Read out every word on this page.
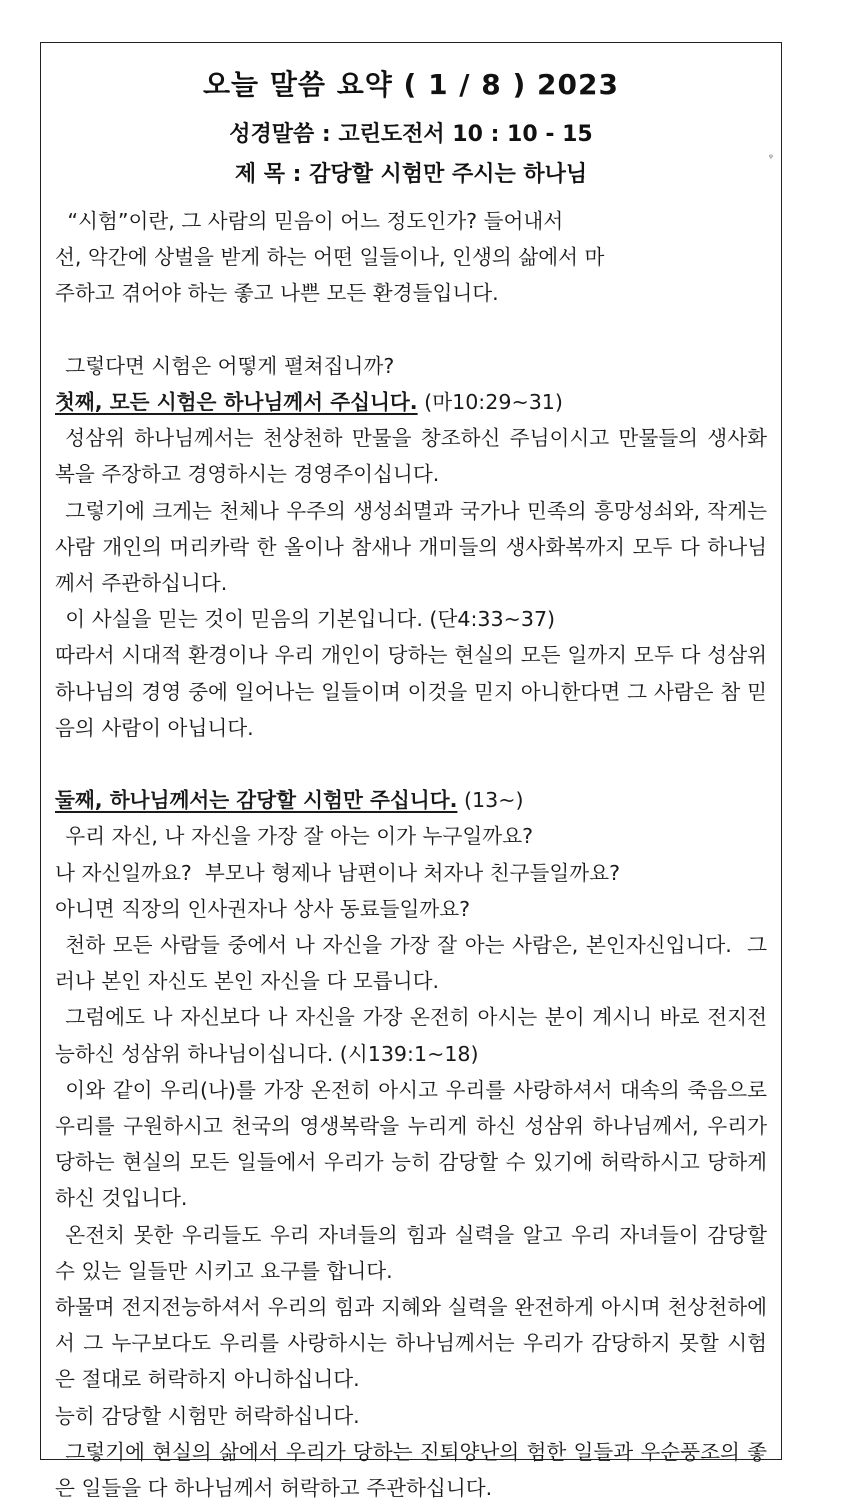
오늘 말씀 요약 ( 1 / 8 ) 2023
성경말씀 : 고린도전서 10 : 10 - 15
제 목 : 감당할 시험만 주시는 하나님
ᵠ
“시험”이란, 그 사람의 믿음이 어느 정도인가? 들어내서
선, 악간에 상벌을 받게 하는 어떤 일들이나, 인생의 삶에서 마
주하고 겪어야 하는 좋고 나쁜 모든 환경들입니다.

그렇다면 시험은 어떻게 펼쳐집니까?

첫째, 모든 시험은 하나님께서 주십니다. (마10:29~31)

성삼위 하나님께서는 천상천하 만물을 창조하신 주님이시고 만물들의 생사화복을 주장하고 경영하시는 경영주이십니다.

그렇기에 크게는 천체나 우주의 생성쇠멸과 국가나 민족의 흥망성쇠와, 작게는 사람 개인의 머리카락 한 올이나 참새나 개미들의 생사화복까지 모두 다 하나님께서 주관하십니다.

이 사실을 믿는 것이 믿음의 기본입니다. (단4:33~37)

따라서 시대적 환경이나 우리 개인이 당하는 현실의 모든 일까지 모두 다 성삼위 하나님의 경영 중에 일어나는 일들이며 이것을 믿지 아니한다면 그 사람은 참 믿음의 사람이 아닙니다.

둘째, 하나님께서는 감당할 시험만 주십니다. (13~)

우리 자신, 나 자신을 가장 잘 아는 이가 누구일까요?

나 자신일까요?  부모나 형제나 남편이나 처자나 친구들일까요?

아니면 직장의 인사권자나 상사 동료들일까요?

천하 모든 사람들 중에서 나 자신을 가장 잘 아는 사람은, 본인자신입니다.  그러나 본인 자신도 본인 자신을 다 모릅니다.

그럼에도 나 자신보다 나 자신을 가장 온전히 아시는 분이 계시니 바로 전지전능하신 성삼위 하나님이십니다. (시139:1~18)

이와 같이 우리(나)를 가장 온전히 아시고 우리를 사랑하셔서 대속의 죽음으로 우리를 구원하시고 천국의 영생복락을 누리게 하신 성삼위 하나님께서, 우리가 당하는 현실의 모든 일들에서 우리가 능히 감당할 수 있기에 허락하시고 당하게 하신 것입니다.

온전치 못한 우리들도 우리 자녀들의 힘과 실력을 알고 우리 자녀들이 감당할 수 있는 일들만 시키고 요구를 합니다.

하물며 전지전능하셔서 우리의 힘과 지혜와 실력을 완전하게 아시며 천상천하에서 그 누구보다도 우리를 사랑하시는 하나님께서는 우리가 감당하지 못할 시험은 절대로 허락하지 아니하십니다.

능히 감당할 시험만 허락하십니다.

그렇기에 현실의 삶에서 우리가 당하는 진퇴양난의 험한 일들과 우순풍조의 좋은 일들을 다 하나님께서 허락하고 주관하십니다.
